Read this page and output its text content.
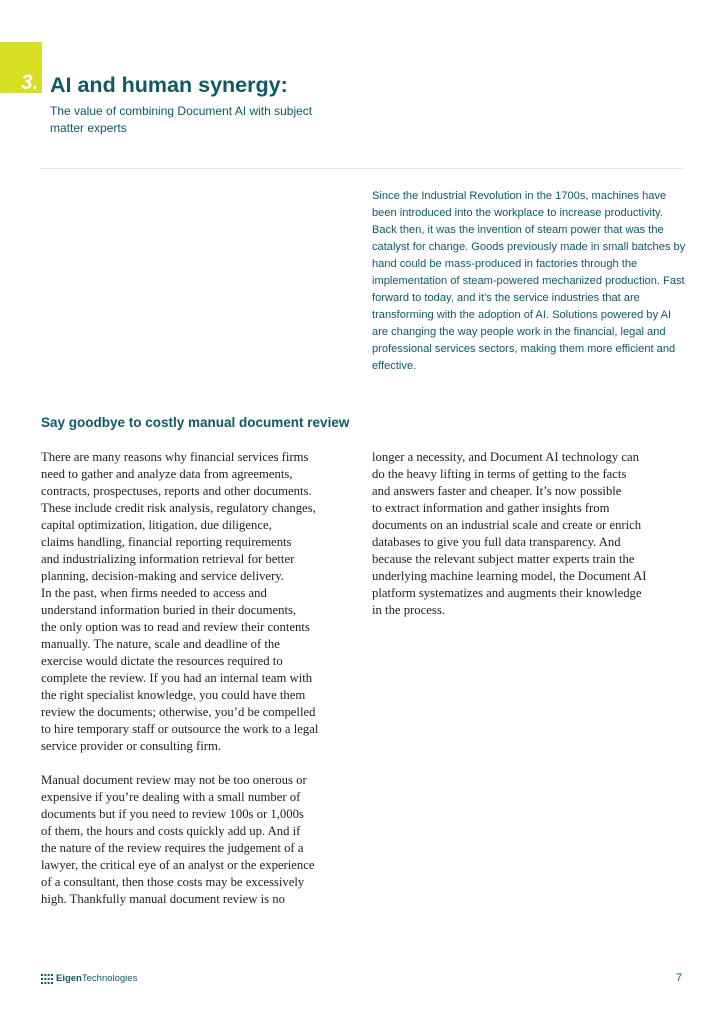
3. AI and human synergy:

The value of combining Document AI with subject matter experts

Since the Industrial Revolution in the 1700s, machines have been introduced into the workplace to increase productivity. Back then, it was the invention of steam power that was the catalyst for change. Goods previously made in small batches by hand could be mass-produced in factories through the implementation of steam-powered mechanized production. Fast forward to today, and it’s the service industries that are transforming with the adoption of AI. Solutions powered by AI are changing the way people work in the financial, legal and professional services sectors, making them more efficient and effective.

Say goodbye to costly manual document review
There are many reasons why financial services firms
need to gather and analyze data from agreements,
contracts, prospectuses, reports and other documents.
These include credit risk analysis, regulatory changes,
capital optimization, litigation, due diligence,
claims handling, financial reporting requirements
and industrializing information retrieval for better
planning, decision-making and service delivery.
In the past, when firms needed to access and
understand information buried in their documents,
the only option was to read and review their contents
manually. The nature, scale and deadline of the
exercise would dictate the resources required to
complete the review. If you had an internal team with
the right specialist knowledge, you could have them
review the documents; otherwise, you’d be compelled
to hire temporary staff or outsource the work to a legal
service provider or consulting firm.
Manual document review may not be too onerous or
expensive if you’re dealing with a small number of
documents but if you need to review 100s or 1,000s
of them, the hours and costs quickly add up. And if
the nature of the review requires the judgement of a
lawyer, the critical eye of an analyst or the experience
of a consultant, then those costs may be excessively
high. Thankfully manual document review is no
longer a necessity, and Document AI technology can
do the heavy lifting in terms of getting to the facts
and answers faster and cheaper. It’s now possible
to extract information and gather insights from
documents on an industrial scale and create or enrich
databases to give you full data transparency. And
because the relevant subject matter experts train the
underlying machine learning model, the Document AI
platform systematizes and augments their knowledge
in the process.
EigenTechnologies	7
